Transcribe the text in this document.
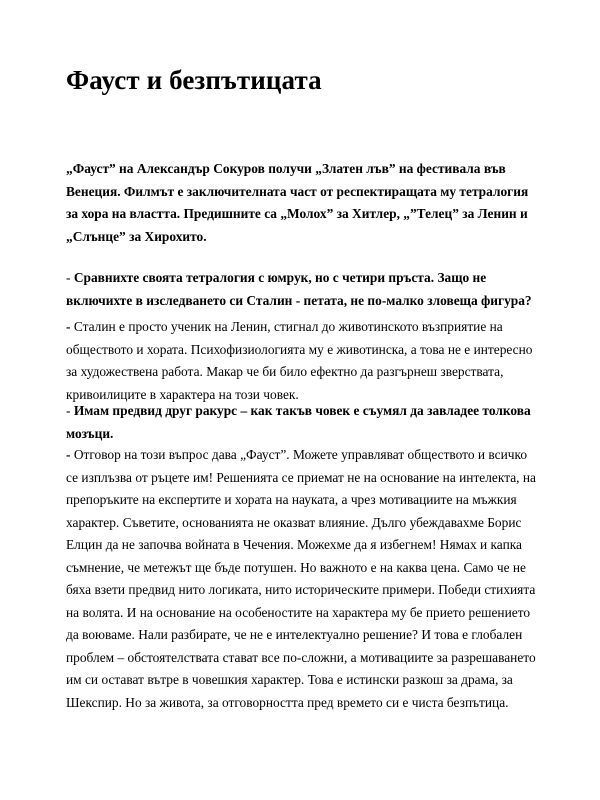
Фауст и безпътицата

„Фауст” на Александър Сокуров получи „Златен лъв” на фестивала във Венеция. Филмът е заключителната част от респектиращата му тетралогия за хора на властта. Предишните са „Молох” за Хитлер, „”Телец” за Ленин и „Слънце” за Хирохито.

- Сравнихте своята тетралогия с юмрук, но с четири пръста. Защо не включихте в изследването си Сталин - петата, не по-малко зловеща фигура?

- Сталин е просто ученик на Ленин, стигнал до животинското възприятие на обществото и хората. Психофизиологията му е животинска, а това не е интересно за художествена работа. Макар че би било ефектно да разгърнеш зверствата, кривоилиците в характера на този човек.

- Имам предвид друг ракурс – как такъв човек е съумял да завладее толкова мозъци.

- Отговор на този въпрос дава „Фауст”. Можете управляват обществото и всичко се изплъзва от ръцете им! Решенията се приемат не на основание на интелекта, на препоръките на експертите и хората на науката, а чрез мотивациите на мъжкия характер. Съветите, основанията не оказват влияние. Дълго убеждавахме Борис Елцин да не започва войната в Чечения. Можехме да я избегнем! Нямах и капка съмнение, че метежът ще бъде потушен. Но важното е на каква цена. Само че не бяха взети предвид нито логиката, нито историческите примери. Победи стихията на волята. И на основание на особеностите на характера му бе прието решението да воюваме. Нали разбирате, че не е интелектуално решение? И това е глобален проблем – обстоятелствата стават все по-сложни, а мотивациите за разрешаването им си остават вътре в човешкия характер. Това е истински разкош за драма, за Шекспир. Но за живота, за отговорността пред времето си е чиста безпътица.
